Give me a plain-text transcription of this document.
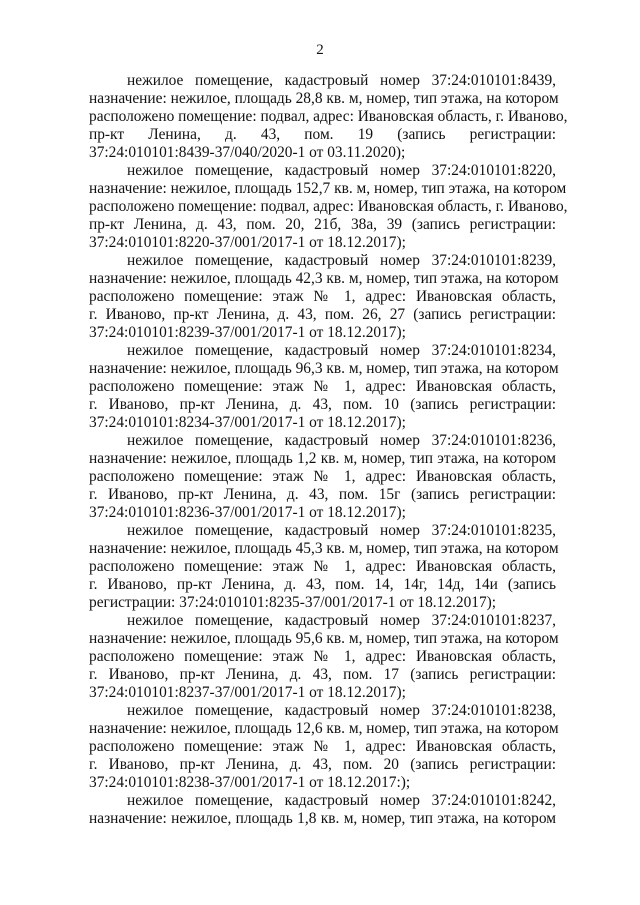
2
нежилое помещение, кадастровый номер 37:24:010101:8439,
назначение: нежилое, площадь 28,8 кв. м, номер, тип этажа, на котором
расположено помещение: подвал, адрес: Ивановская область, г. Иваново,
пр-кт Ленина, д. 43, пом. 19 (запись регистрации:
37:24:010101:8439-37/040/2020-1 от 03.11.2020);
нежилое помещение, кадастровый номер 37:24:010101:8220,
назначение: нежилое, площадь 152,7 кв. м, номер, тип этажа, на котором
расположено помещение: подвал, адрес: Ивановская область, г. Иваново,
пр-кт Ленина, д. 43, пом. 20, 21б, 38а, 39 (запись регистрации:
37:24:010101:8220-37/001/2017-1 от 18.12.2017);
нежилое помещение, кадастровый номер 37:24:010101:8239,
назначение: нежилое, площадь 42,3 кв. м, номер, тип этажа, на котором
расположено помещение: этаж № 1, адрес: Ивановская область,
г. Иваново, пр-кт Ленина, д. 43, пом. 26, 27 (запись регистрации:
37:24:010101:8239-37/001/2017-1 от 18.12.2017);
нежилое помещение, кадастровый номер 37:24:010101:8234,
назначение: нежилое, площадь 96,3 кв. м, номер, тип этажа, на котором
расположено помещение: этаж № 1, адрес: Ивановская область,
г. Иваново, пр-кт Ленина, д. 43, пом. 10 (запись регистрации:
37:24:010101:8234-37/001/2017-1 от 18.12.2017);
нежилое помещение, кадастровый номер 37:24:010101:8236,
назначение: нежилое, площадь 1,2 кв. м, номер, тип этажа, на котором
расположено помещение: этаж № 1, адрес: Ивановская область,
г. Иваново, пр-кт Ленина, д. 43, пом. 15г (запись регистрации:
37:24:010101:8236-37/001/2017-1 от 18.12.2017);
нежилое помещение, кадастровый номер 37:24:010101:8235,
назначение: нежилое, площадь 45,3 кв. м, номер, тип этажа, на котором
расположено помещение: этаж № 1, адрес: Ивановская область,
г. Иваново, пр-кт Ленина, д. 43, пом. 14, 14г, 14д, 14и (запись
регистрации: 37:24:010101:8235-37/001/2017-1 от 18.12.2017);
нежилое помещение, кадастровый номер 37:24:010101:8237,
назначение: нежилое, площадь 95,6 кв. м, номер, тип этажа, на котором
расположено помещение: этаж № 1, адрес: Ивановская область,
г. Иваново, пр-кт Ленина, д. 43, пом. 17 (запись регистрации:
37:24:010101:8237-37/001/2017-1 от 18.12.2017);
нежилое помещение, кадастровый номер 37:24:010101:8238,
назначение: нежилое, площадь 12,6 кв. м, номер, тип этажа, на котором
расположено помещение: этаж № 1, адрес: Ивановская область,
г. Иваново, пр-кт Ленина, д. 43, пом. 20 (запись регистрации:
37:24:010101:8238-37/001/2017-1 от 18.12.2017:);
нежилое помещение, кадастровый номер 37:24:010101:8242,
назначение: нежилое, площадь 1,8 кв. м, номер, тип этажа, на котором
